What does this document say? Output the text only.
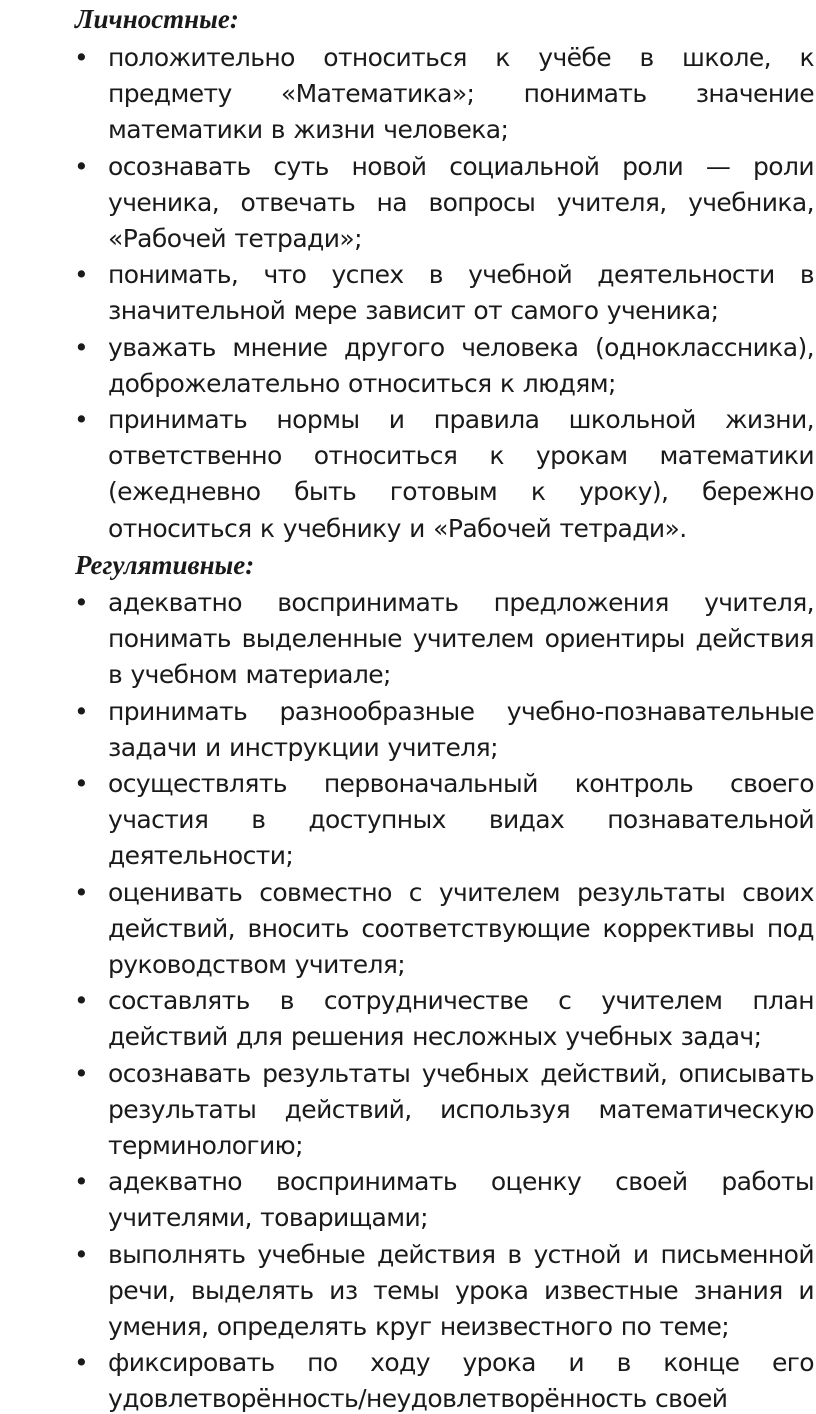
Личностные:
• положительно относиться к учёбе в школе, к предмету «Математика»; понимать значение математики в жизни человека;
• осознавать суть новой социальной роли — роли ученика, отвечать на вопросы учителя, учебника, «Рабочей тетради»;
• понимать, что успех в учебной деятельности в значительной мере зависит от самого ученика;
• уважать мнение другого человека (одноклассника), доброжелательно относиться к людям;
• принимать нормы и правила школьной жизни, ответственно относиться к урокам математики (ежедневно быть готовым к уроку), бережно относиться к учебнику и «Рабочей тетради».
Регулятивные:
• адекватно воспринимать предложения учителя, понимать выделенные учителем ориентиры действия в учебном материале;
• принимать разнообразные учебно-познавательные задачи и инструкции учителя;
• осуществлять первоначальный контроль своего участия в доступных видах познавательной деятельности;
• оценивать совместно с учителем результаты своих действий, вносить соответствующие коррективы под руководством учителя;
• составлять в сотрудничестве с учителем план действий для решения несложных учебных задач;
• осознавать результаты учебных действий, описывать результаты действий, используя математическую терминологию;
• адекватно воспринимать оценку своей работы учителями, товарищами;
• выполнять учебные действия в устной и письменной речи, выделять из темы урока известные знания и умения, определять круг неизвестного по теме;
• фиксировать по ходу урока и в конце его удовлетворённость/неудовлетворённость своей
